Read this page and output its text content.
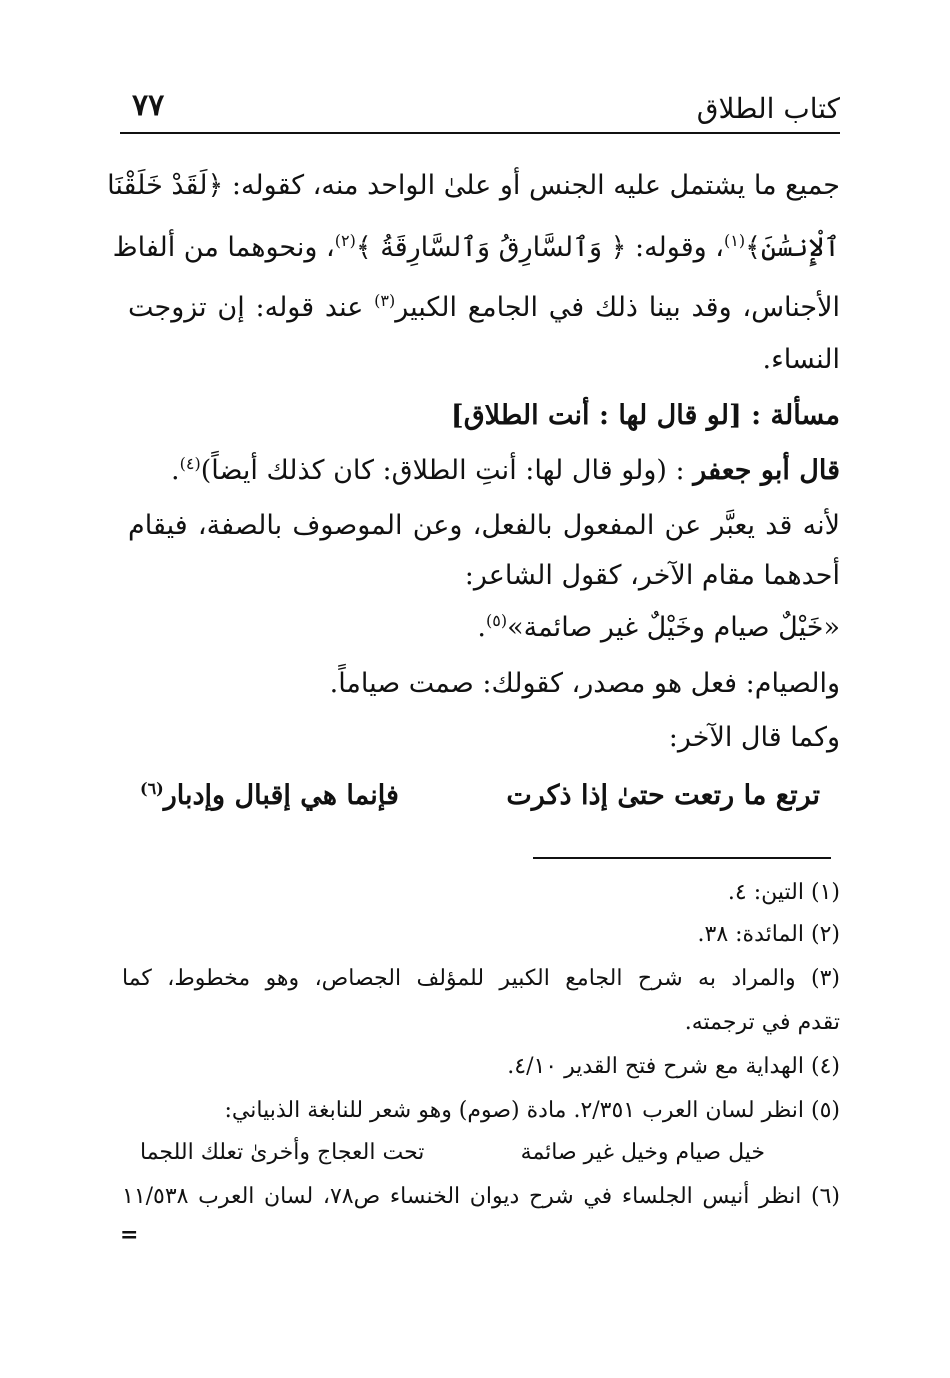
كتاب الطلاق
٧٧
جميع ما يشتمل عليه الجنس أو علىٰ الواحد منه، كقوله: ﴿لَقَدْ خَلَقْنَا
ٱلْإِنسَٰنَ﴾$^{(١)}$، وقوله: ﴿ وَٱلسَّارِقُ وَٱلسَّارِقَةُ ﴾$^{(٢)}$، ونحوهما من ألفاظ
الأجناس، وقد بينا ذلك في الجامع الكبير$^{(٣)}$ عند قوله: إن تزوجت
النساء.
مسألة : [لو قال لها : أنت الطلاق]
قال أبو جعفر : (ولو قال لها: أنتِ الطلاق: كان كذلك أيضاً)$^{(٤)}$.
لأنه قد يعبَّر عن المفعول بالفعل، وعن الموصوف بالصفة، فيقام
أحدهما مقام الآخر، كقول الشاعر:
«خَيْلٌ صيام وخَيْلٌ غير صائمة»$^{(٥)}$.
والصيام: فعل هو مصدر، كقولك: صمت صياماً.
وكما قال الآخر:
ترتع ما رتعت حتىٰ إذا ذكرت
فإنما هي إقبال وإدبار$^{(٦)}$
(١) التين: ٤.
(٢) المائدة: ٣٨.
(٣) والمراد به شرح الجامع الكبير للمؤلف الجصاص، وهو مخطوط، كما
تقدم في ترجمته.
(٤) الهداية مع شرح فتح القدير ٤/١٠.
(٥) انظر لسان العرب ٢/٣٥١. مادة (صوم) وهو شعر للنابغة الذبياني:
خيل صيام وخيل غير صائمة
تحت العجاج وأخرىٰ تعلك اللجما
(٦) انظر أنيس الجلساء في شرح ديوان الخنساء ص٧٨، لسان العرب ١١/٥٣٨
=
